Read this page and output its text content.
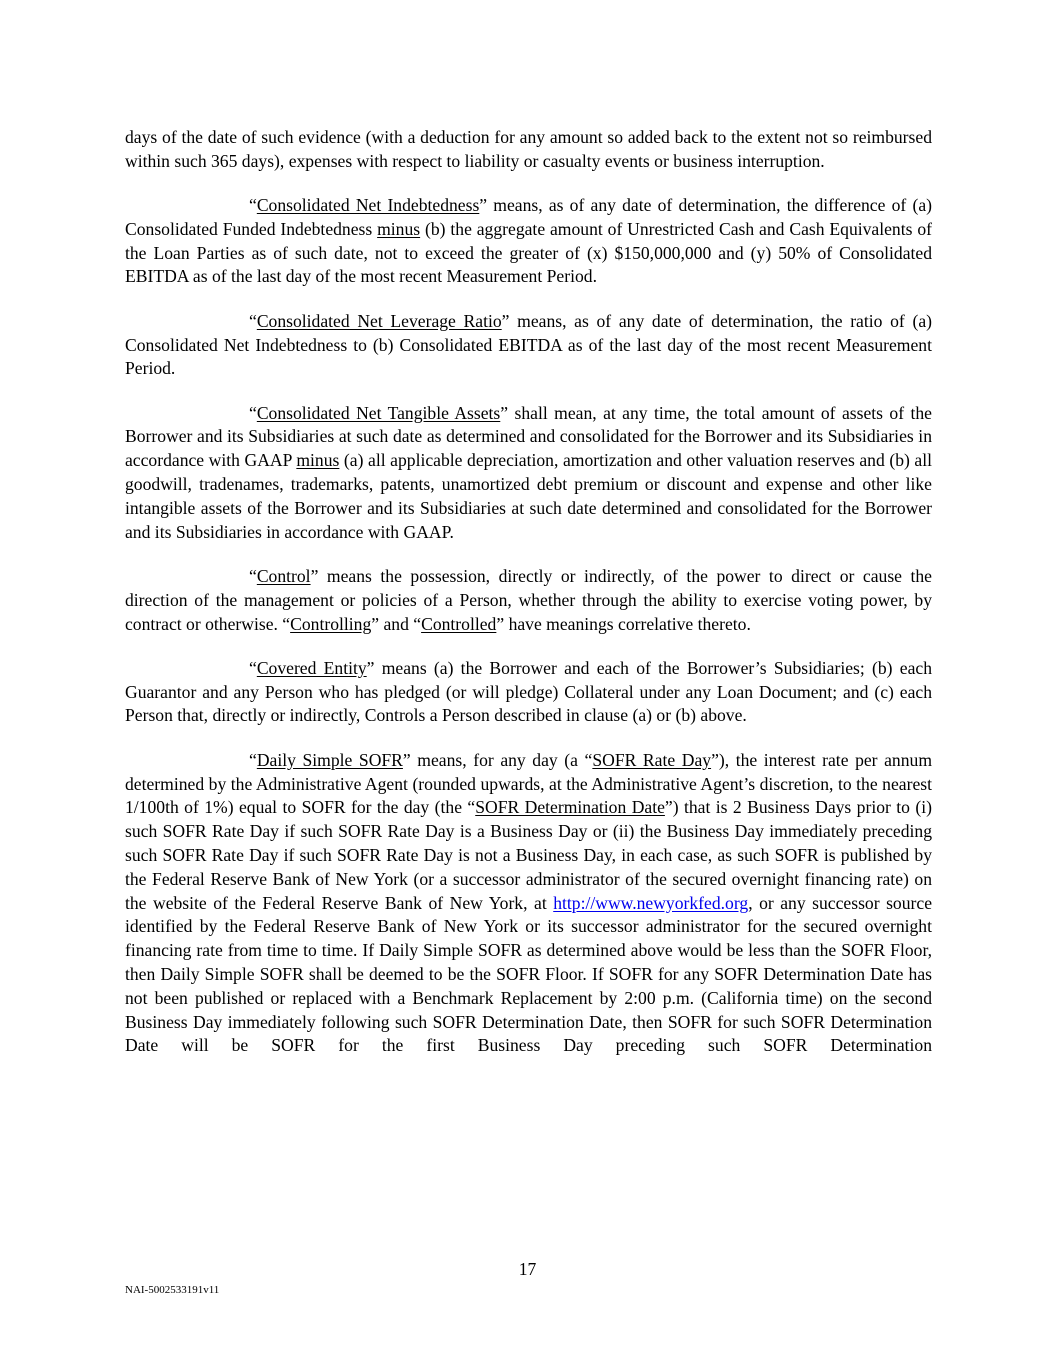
days of the date of such evidence (with a deduction for any amount so added back to the extent not so reimbursed within such 365 days), expenses with respect to liability or casualty events or business interruption.

“Consolidated Net Indebtedness” means, as of any date of determination, the difference of (a) Consolidated Funded Indebtedness minus (b) the aggregate amount of Unrestricted Cash and Cash Equivalents of the Loan Parties as of such date, not to exceed the greater of (x) $150,000,000 and (y) 50% of Consolidated EBITDA as of the last day of the most recent Measurement Period.

“Consolidated Net Leverage Ratio” means, as of any date of determination, the ratio of (a) Consolidated Net Indebtedness to (b) Consolidated EBITDA as of the last day of the most recent Measurement Period.

“Consolidated Net Tangible Assets” shall mean, at any time, the total amount of assets of the Borrower and its Subsidiaries at such date as determined and consolidated for the Borrower and its Subsidiaries in accordance with GAAP minus (a) all applicable depreciation, amortization and other valuation reserves and (b) all goodwill, tradenames, trademarks, patents, unamortized debt premium or discount and expense and other like intangible assets of the Borrower and its Subsidiaries at such date determined and consolidated for the Borrower and its Subsidiaries in accordance with GAAP.

“Control” means the possession, directly or indirectly, of the power to direct or cause the direction of the management or policies of a Person, whether through the ability to exercise voting power, by contract or otherwise. “Controlling” and “Controlled” have meanings correlative thereto.

“Covered Entity” means (a) the Borrower and each of the Borrower’s Subsidiaries; (b) each Guarantor and any Person who has pledged (or will pledge) Collateral under any Loan Document; and (c) each Person that, directly or indirectly, Controls a Person described in clause (a) or (b) above.

“Daily Simple SOFR” means, for any day (a “SOFR Rate Day”), the interest rate per annum determined by the Administrative Agent (rounded upwards, at the Administrative Agent’s discretion, to the nearest 1/100th of 1%) equal to SOFR for the day (the “SOFR Determination Date”) that is 2 Business Days prior to (i) such SOFR Rate Day if such SOFR Rate Day is a Business Day or (ii) the Business Day immediately preceding such SOFR Rate Day if such SOFR Rate Day is not a Business Day, in each case, as such SOFR is published by the Federal Reserve Bank of New York (or a successor administrator of the secured overnight financing rate) on the website of the Federal Reserve Bank of New York, at http://www.newyorkfed.org, or any successor source identified by the Federal Reserve Bank of New York or its successor administrator for the secured overnight financing rate from time to time. If Daily Simple SOFR as determined above would be less than the SOFR Floor, then Daily Simple SOFR shall be deemed to be the SOFR Floor. If SOFR for any SOFR Determination Date has not been published or replaced with a Benchmark Replacement by 2:00 p.m. (California time) on the second Business Day immediately following such SOFR Determination Date, then SOFR for such SOFR Determination Date will be SOFR for the first Business Day preceding such SOFR Determination

17
NAI-5002533191v11
